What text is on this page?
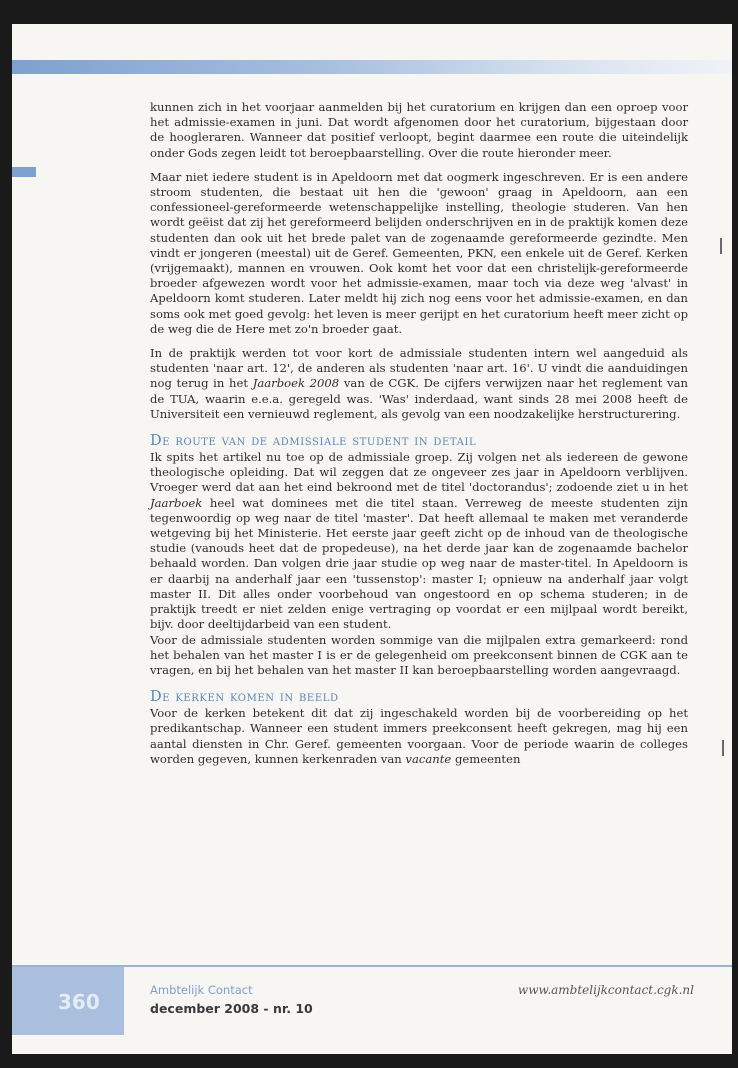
kunnen zich in het voorjaar aanmelden bij het curatorium en krijgen dan een oproep voor het admissie-examen in juni. Dat wordt afgenomen door het curatorium, bijgestaan door de hoogleraren. Wanneer dat positief verloopt, begint daarmee een route die uiteindelijk onder Gods zegen leidt tot beroepbaarstelling. Over die route hieronder meer.

Maar niet iedere student is in Apeldoorn met dat oogmerk ingeschreven. Er is een andere stroom studenten, die bestaat uit hen die 'gewoon' graag in Apeldoorn, aan een confessioneel-gereformeerde wetenschappelijke instelling, theologie studeren. Van hen wordt geëist dat zij het gereformeerd belijden onderschrijven en in de praktijk komen deze studenten dan ook uit het brede palet van de zogenaamde gereformeerde gezindte. Men vindt er jongeren (meestal) uit de Geref. Gemeenten, PKN, een enkele uit de Geref. Kerken (vrijgemaakt), mannen en vrouwen. Ook komt het voor dat een christelijk-gereformeerde broeder afgewezen wordt voor het admissie-examen, maar toch via deze weg 'alvast' in Apeldoorn komt studeren. Later meldt hij zich nog eens voor het admissie-examen, en dan soms ook met goed gevolg: het leven is meer gerijpt en het curatorium heeft meer zicht op de weg die de Here met zo'n broeder gaat.

In de praktijk werden tot voor kort de admissiale studenten intern wel aangeduid als studenten 'naar art. 12', de anderen als studenten 'naar art. 16'. U vindt die aanduidingen nog terug in het Jaarboek 2008 van de CGK. De cijfers verwijzen naar het reglement van de TUA, waarin e.e.a. geregeld was. 'Was' inderdaad, want sinds 28 mei 2008 heeft de Universiteit een vernieuwd reglement, als gevolg van een noodzakelijke herstructurering.

De route van de admissiale student in detail

Ik spits het artikel nu toe op de admissiale groep. Zij volgen net als iedereen de gewone theologische opleiding. Dat wil zeggen dat ze ongeveer zes jaar in Apeldoorn verblijven. Vroeger werd dat aan het eind bekroond met de titel 'doctorandus'; zodoende ziet u in het Jaarboek heel wat dominees met die titel staan. Verreweg de meeste studenten zijn tegenwoordig op weg naar de titel 'master'. Dat heeft allemaal te maken met veranderde wetgeving bij het Ministerie. Het eerste jaar geeft zicht op de inhoud van de theologische studie (vanouds heet dat de propedeuse), na het derde jaar kan de zogenaamde bachelor behaald worden. Dan volgen drie jaar studie op weg naar de master-titel. In Apeldoorn is er daarbij na anderhalf jaar een 'tussenstop': master I; opnieuw na anderhalf jaar volgt master II. Dit alles onder voorbehoud van ongestoord en op schema studeren; in de praktijk treedt er niet zelden enige vertraging op voordat er een mijlpaal wordt bereikt, bijv. door deeltijdarbeid van een student.

Voor de admissiale studenten worden sommige van die mijlpalen extra gemarkeerd: rond het behalen van het master I is er de gelegenheid om preekconsent binnen de CGK aan te vragen, en bij het behalen van het master II kan beroepbaarstelling worden aangevraagd.

De kerken komen in beeld

Voor de kerken betekent dit dat zij ingeschakeld worden bij de voorbereiding op het predikantschap. Wanneer een student immers preekconsent heeft gekregen, mag hij een aantal diensten in Chr. Geref. gemeenten voorgaan. Voor de periode waarin de colleges worden gegeven, kunnen kerkenraden van vacante gemeenten

360	Ambtelijk Contact
december 2008 - nr. 10
www.ambtelijkcontact.cgk.nl
